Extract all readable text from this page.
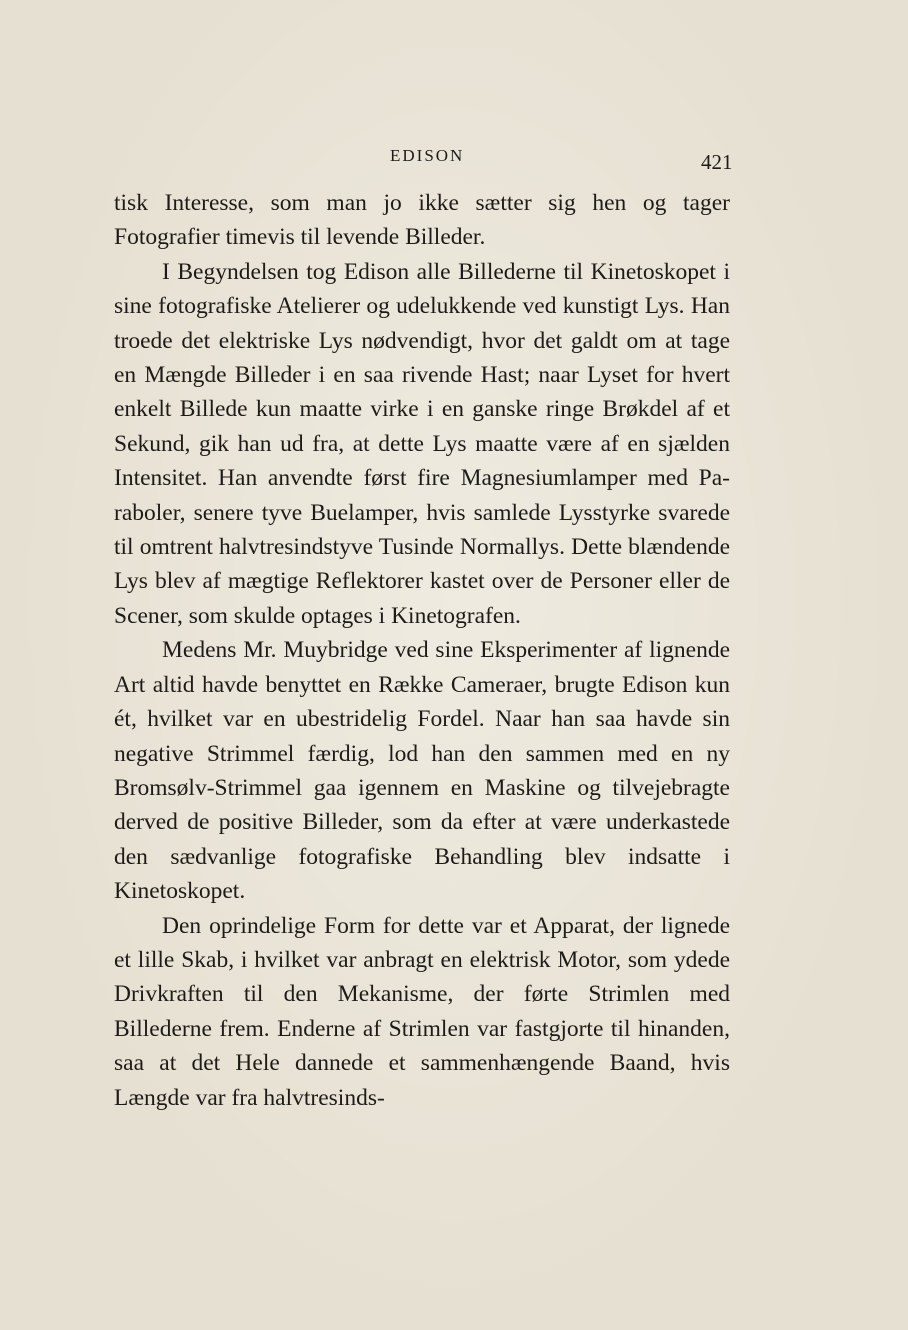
EDISON	421

tisk Interesse, som man jo ikke sætter sig hen og tager Fotografier timevis til levende Billeder.

I Begyndelsen tog Edison alle Billederne til Kinetoskopet i sine fotografiske Atelierer og udelukkende ved kunstigt Lys. Han troede det elektriske Lys nødvendigt, hvor det galdt om at tage en Mængde Billeder i en saa rivende Hast; naar Lyset for hvert enkelt Billede kun maatte virke i en ganske ringe Brøkdel af et Sekund, gik han ud fra, at dette Lys maatte være af en sjælden Intensitet. Han anvendte først fire Magnesiumlamper med Paraboler, senere tyve Buelamper, hvis samlede Lysstyrke svarede til omtrent halvtresindstyve Tusinde Normallys. Dette blændende Lys blev af mægtige Reflektorer kastet over de Personer eller de Scener, som skulde optages i Kinetografen.

Medens Mr. Muybridge ved sine Eksperimenter af lignende Art altid havde benyttet en Række Cameraer, brugte Edison kun ét, hvilket var en ubestridelig Fordel. Naar han saa havde sin negative Strimmel færdig, lod han den sammen med en ny Bromsølv-Strimmel gaa igennem en Maskine og tilvejebragte derved de positive Billeder, som da efter at være underkastede den sædvanlige fotografiske Behandling blev indsatte i Kinetoskopet.

Den oprindelige Form for dette var et Apparat, der lignede et lille Skab, i hvilket var anbragt en elektrisk Motor, som ydede Drivkraften til den Mekanisme, der førte Strimlen med Billederne frem. Enderne af Strimlen var fastgjorte til hinanden, saa at det Hele dannede et sammenhængende Baand, hvis Længde var fra halvtresinds-
